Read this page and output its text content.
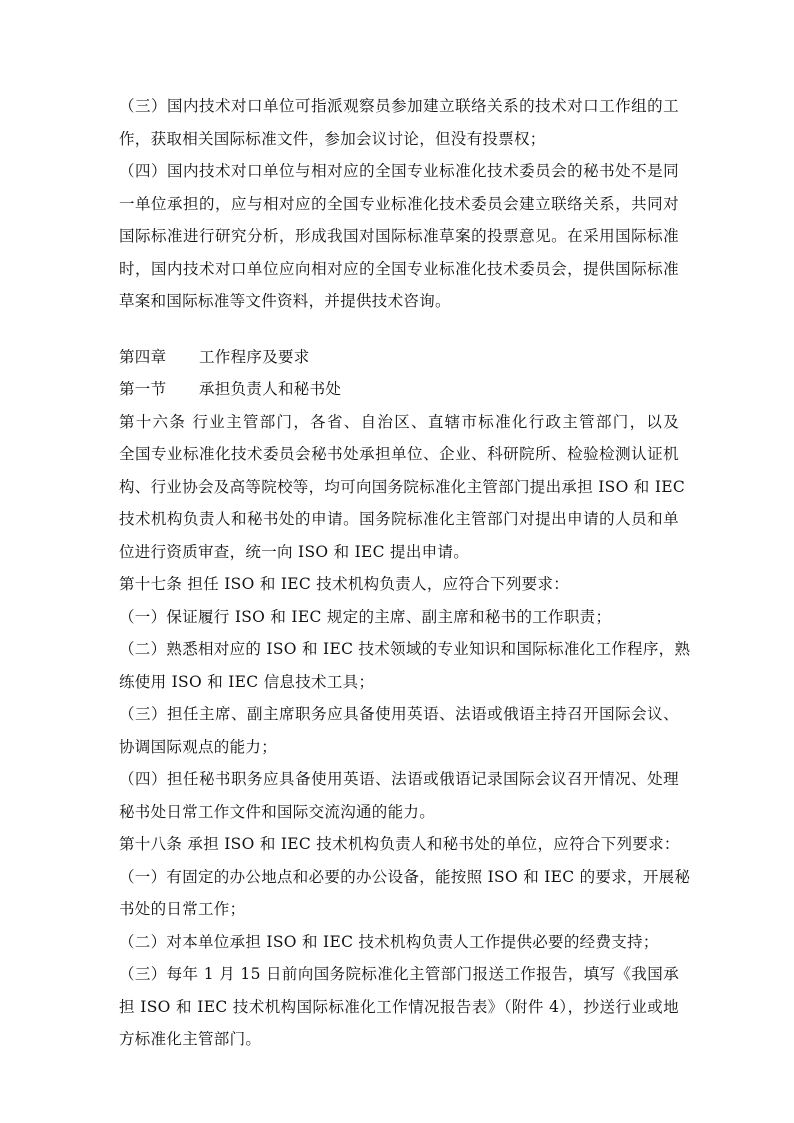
（三）国内技术对口单位可指派观察员参加建立联络关系的技术对口工作组的工
作，获取相关国际标准文件，参加会议讨论，但没有投票权；
（四）国内技术对口单位与相对应的全国专业标准化技术委员会的秘书处不是同
一单位承担的，应与相对应的全国专业标准化技术委员会建立联络关系，共同对
国际标准进行研究分析，形成我国对国际标准草案的投票意见。在采用国际标准
时，国内技术对口单位应向相对应的全国专业标准化技术委员会，提供国际标准
草案和国际标准等文件资料，并提供技术咨询。
第四章 工作程序及要求
第一节 承担负责人和秘书处
第十六条 行业主管部门，各省、自治区、直辖市标准化行政主管部门，以及
全国专业标准化技术委员会秘书处承担单位、企业、科研院所、检验检测认证机
构、行业协会及高等院校等，均可向国务院标准化主管部门提出承担 ISO 和 IEC
技术机构负责人和秘书处的申请。国务院标准化主管部门对提出申请的人员和单
位进行资质审查，统一向 ISO 和 IEC 提出申请。
第十七条 担任 ISO 和 IEC 技术机构负责人，应符合下列要求：
（一）保证履行 ISO 和 IEC 规定的主席、副主席和秘书的工作职责；
（二）熟悉相对应的 ISO 和 IEC 技术领域的专业知识和国际标准化工作程序，熟
练使用 ISO 和 IEC 信息技术工具；
（三）担任主席、副主席职务应具备使用英语、法语或俄语主持召开国际会议、
协调国际观点的能力；
（四）担任秘书职务应具备使用英语、法语或俄语记录国际会议召开情况、处理
秘书处日常工作文件和国际交流沟通的能力。
第十八条 承担 ISO 和 IEC 技术机构负责人和秘书处的单位，应符合下列要求：
（一）有固定的办公地点和必要的办公设备，能按照 ISO 和 IEC 的要求，开展秘
书处的日常工作；
（二）对本单位承担 ISO 和 IEC 技术机构负责人工作提供必要的经费支持；
（三）每年 1 月 15 日前向国务院标准化主管部门报送工作报告，填写《我国承
担 ISO 和 IEC 技术机构国际标准化工作情况报告表》（附件 4），抄送行业或地
方标准化主管部门。
